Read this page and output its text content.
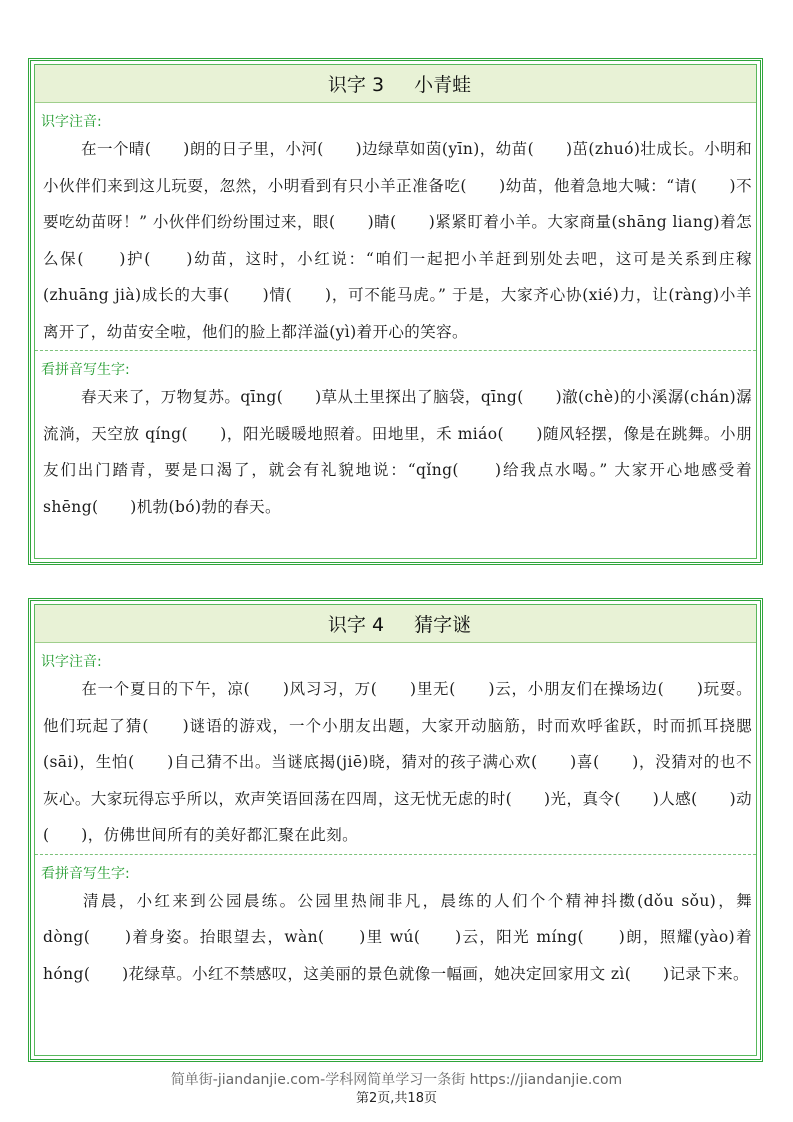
识字 3 小青蛙
识字注音:
在一个晴(　　)朗的日子里，小河(　　)边绿草如茵(yīn)，幼苗(　　)茁(zhuó)壮成长。小明和小伙伴们来到这儿玩耍，忽然，小明看到有只小羊正准备吃(　　)幼苗，他着急地大喊：“请(　　)不要吃幼苗呀！” 小伙伴们纷纷围过来，眼(　　)睛(　　)紧紧盯着小羊。大家商量(shāng liang)着怎么保(　　)护(　　)幼苗，这时，小红说：“咱们一起把小羊赶到别处去吧，这可是关系到庄稼(zhuāng jià)成长的大事(　　)情(　　)，可不能马虎。” 于是，大家齐心协(xié)力，让(ràng)小羊离开了，幼苗安全啦，他们的脸上都洋溢(yì)着开心的笑容。
看拼音写生字:
春天来了，万物复苏。qīng(　　)草从土里探出了脑袋，qīng(　　)澈(chè)的小溪潺(chán)潺流淌，天空放 qíng(　　)，阳光暖暖地照着。田地里，禾 miáo(　　)随风轻摆，像是在跳舞。小朋友们出门踏青，要是口渴了，就会有礼貌地说：“qǐng(　　)给我点水喝。” 大家开心地感受着 shēng(　　)机勃(bó)勃的春天。
识字 4 猜字谜
识字注音:
在一个夏日的下午，凉(　　)风习习，万(　　)里无(　　)云，小朋友们在操场边(　　)玩耍。他们玩起了猜(　　)谜语的游戏，一个小朋友出题，大家开动脑筋，时而欢呼雀跃，时而抓耳挠腮(sāi)，生怕(　　)自己猜不出。当谜底揭(jiē)晓，猜对的孩子满心欢(　　)喜(　　)，没猜对的也不灰心。大家玩得忘乎所以，欢声笑语回荡在四周，这无忧无虑的时(　　)光，真令(　　)人感(　　)动(　　)，仿佛世间所有的美好都汇聚在此刻。
看拼音写生字:
清晨，小红来到公园晨练。公园里热闹非凡，晨练的人们个个精神抖擞(dǒu sǒu)，舞 dòng(　　)着身姿。抬眼望去，wàn(　　)里 wú(　　)云，阳光 míng(　　)朗，照耀(yào)着 hóng(　　)花绿草。小红不禁感叹，这美丽的景色就像一幅画，她决定回家用文 zì(　　)记录下来。
简单街-jiandanjie.com-学科网简单学习一条街 https://jiandanjie.com
第2页,共18页
